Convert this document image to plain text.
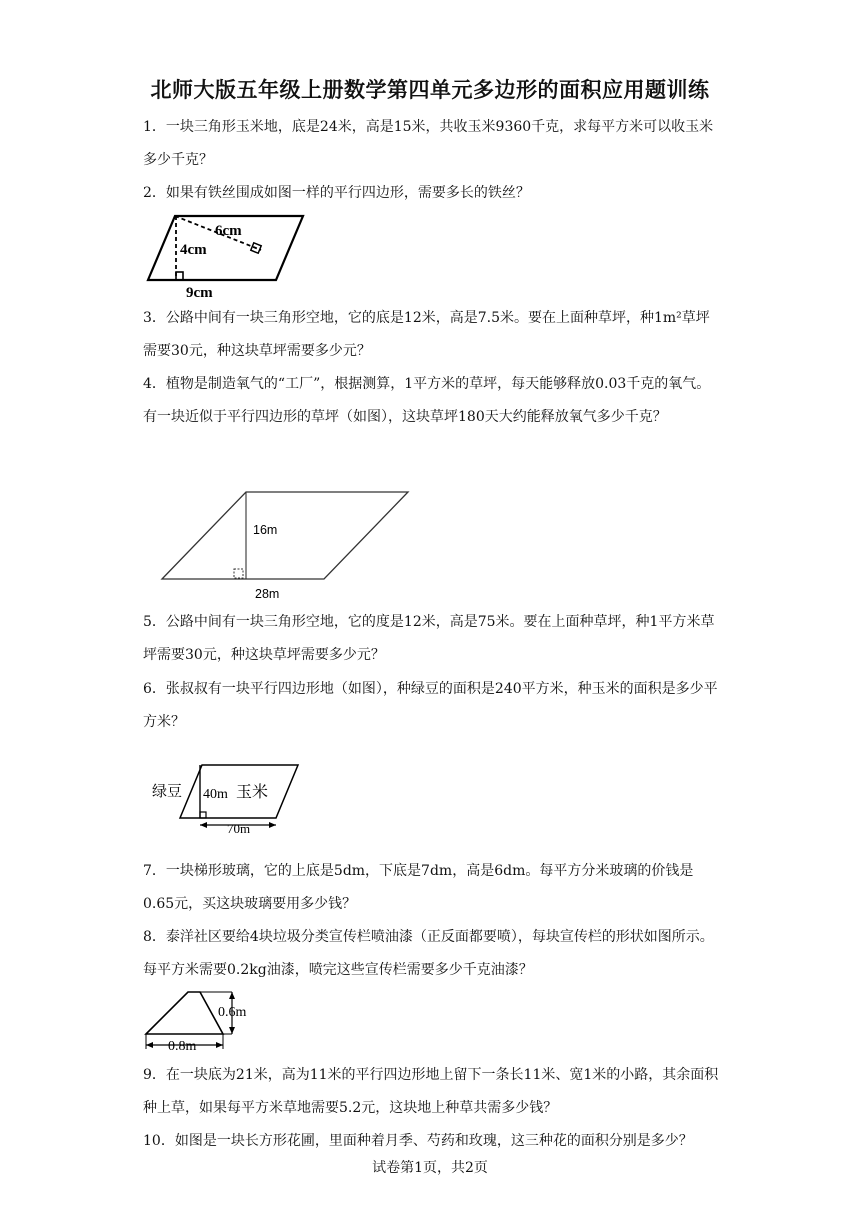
北师大版五年级上册数学第四单元多边形的面积应用题训练
1．一块三角形玉米地，底是24米，高是15米，共收玉米9360千克，求每平方米可以收玉米多少千克？
2．如果有铁丝围成如图一样的平行四边形，需要多长的铁丝？
6cm
4cm
9cm
3．公路中间有一块三角形空地，它的底是12米，高是7.5米。要在上面种草坪，种1m²草坪需要30元，种这块草坪需要多少元？
4．植物是制造氧气的“工厂”，根据测算，1平方米的草坪，每天能够释放0.03千克的氧气。有一块近似于平行四边形的草坪（如图），这块草坪180天大约能释放氧气多少千克？
16m
28m
5．公路中间有一块三角形空地，它的度是12米，高是75米。要在上面种草坪，种1平方米草坪需要30元，种这块草坪需要多少元？
6．张叔叔有一块平行四边形地（如图），种绿豆的面积是240平方米，种玉米的面积是多少平方米？
绿豆 40m 玉米
70m
7．一块梯形玻璃，它的上底是5dm，下底是7dm，高是6dm。每平方分米玻璃的价钱是0.65元，买这块玻璃要用多少钱？
8．泰洋社区要给4块垃圾分类宣传栏喷油漆（正反面都要喷），每块宣传栏的形状如图所示。每平方米需要0.2kg油漆，喷完这些宣传栏需要多少千克油漆？
0.6m
0.8m
9．在一块底为21米，高为11米的平行四边形地上留下一条长11米、宽1米的小路，其余面积种上草，如果每平方米草地需要5.2元，这块地上种草共需多少钱？
10．如图是一块长方形花圃，里面种着月季、芍药和玫瑰，这三种花的面积分别是多少？
试卷第1页，共2页
